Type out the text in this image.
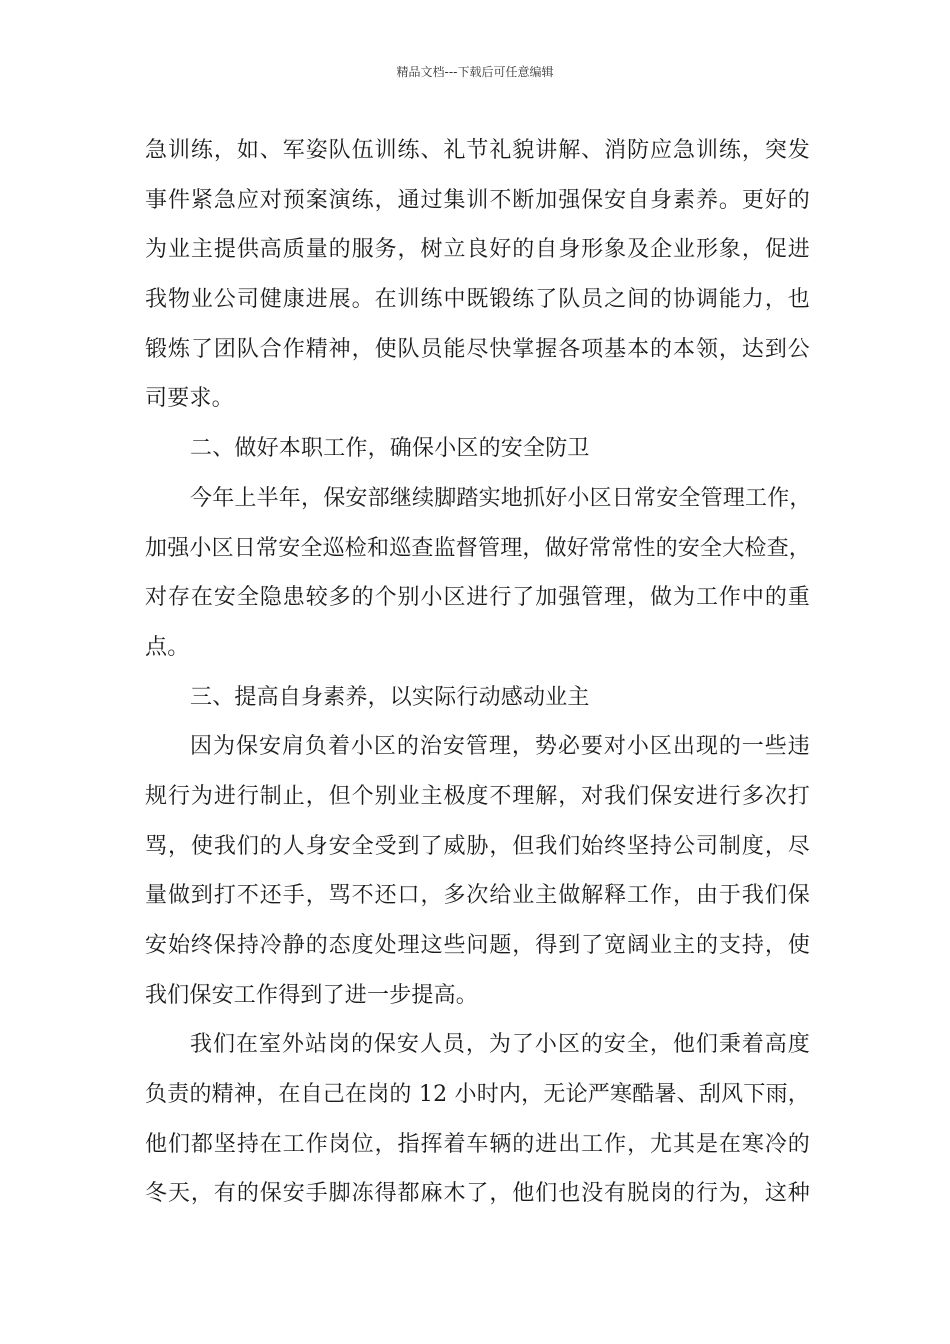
精品文档---下载后可任意编辑
急训练，如、军姿队伍训练、礼节礼貌讲解、消防应急训练，突发
事件紧急应对预案演练，通过集训不断加强保安自身素养。更好的
为业主提供高质量的服务，树立良好的自身形象及企业形象，促进
我物业公司健康进展。在训练中既锻练了队员之间的协调能力，也
锻炼了团队合作精神，使队员能尽快掌握各项基本的本领，达到公
司要求。
二、做好本职工作，确保小区的安全防卫
今年上半年，保安部继续脚踏实地抓好小区日常安全管理工作，
加强小区日常安全巡检和巡查监督管理，做好常常性的安全大检查，
对存在安全隐患较多的个别小区进行了加强管理，做为工作中的重
点。
三、提高自身素养，以实际行动感动业主
因为保安肩负着小区的治安管理，势必要对小区出现的一些违
规行为进行制止，但个别业主极度不理解，对我们保安进行多次打
骂，使我们的人身安全受到了威胁，但我们始终坚持公司制度，尽
量做到打不还手，骂不还口，多次给业主做解释工作，由于我们保
安始终保持冷静的态度处理这些问题，得到了宽阔业主的支持，使
我们保安工作得到了进一步提高。
我们在室外站岗的保安人员，为了小区的安全，他们秉着高度
负责的精神，在自己在岗的 12 小时内，无论严寒酷暑、刮风下雨，
他们都坚持在工作岗位，指挥着车辆的进出工作，尤其是在寒冷的
冬天，有的保安手脚冻得都麻木了，他们也没有脱岗的行为，这种
